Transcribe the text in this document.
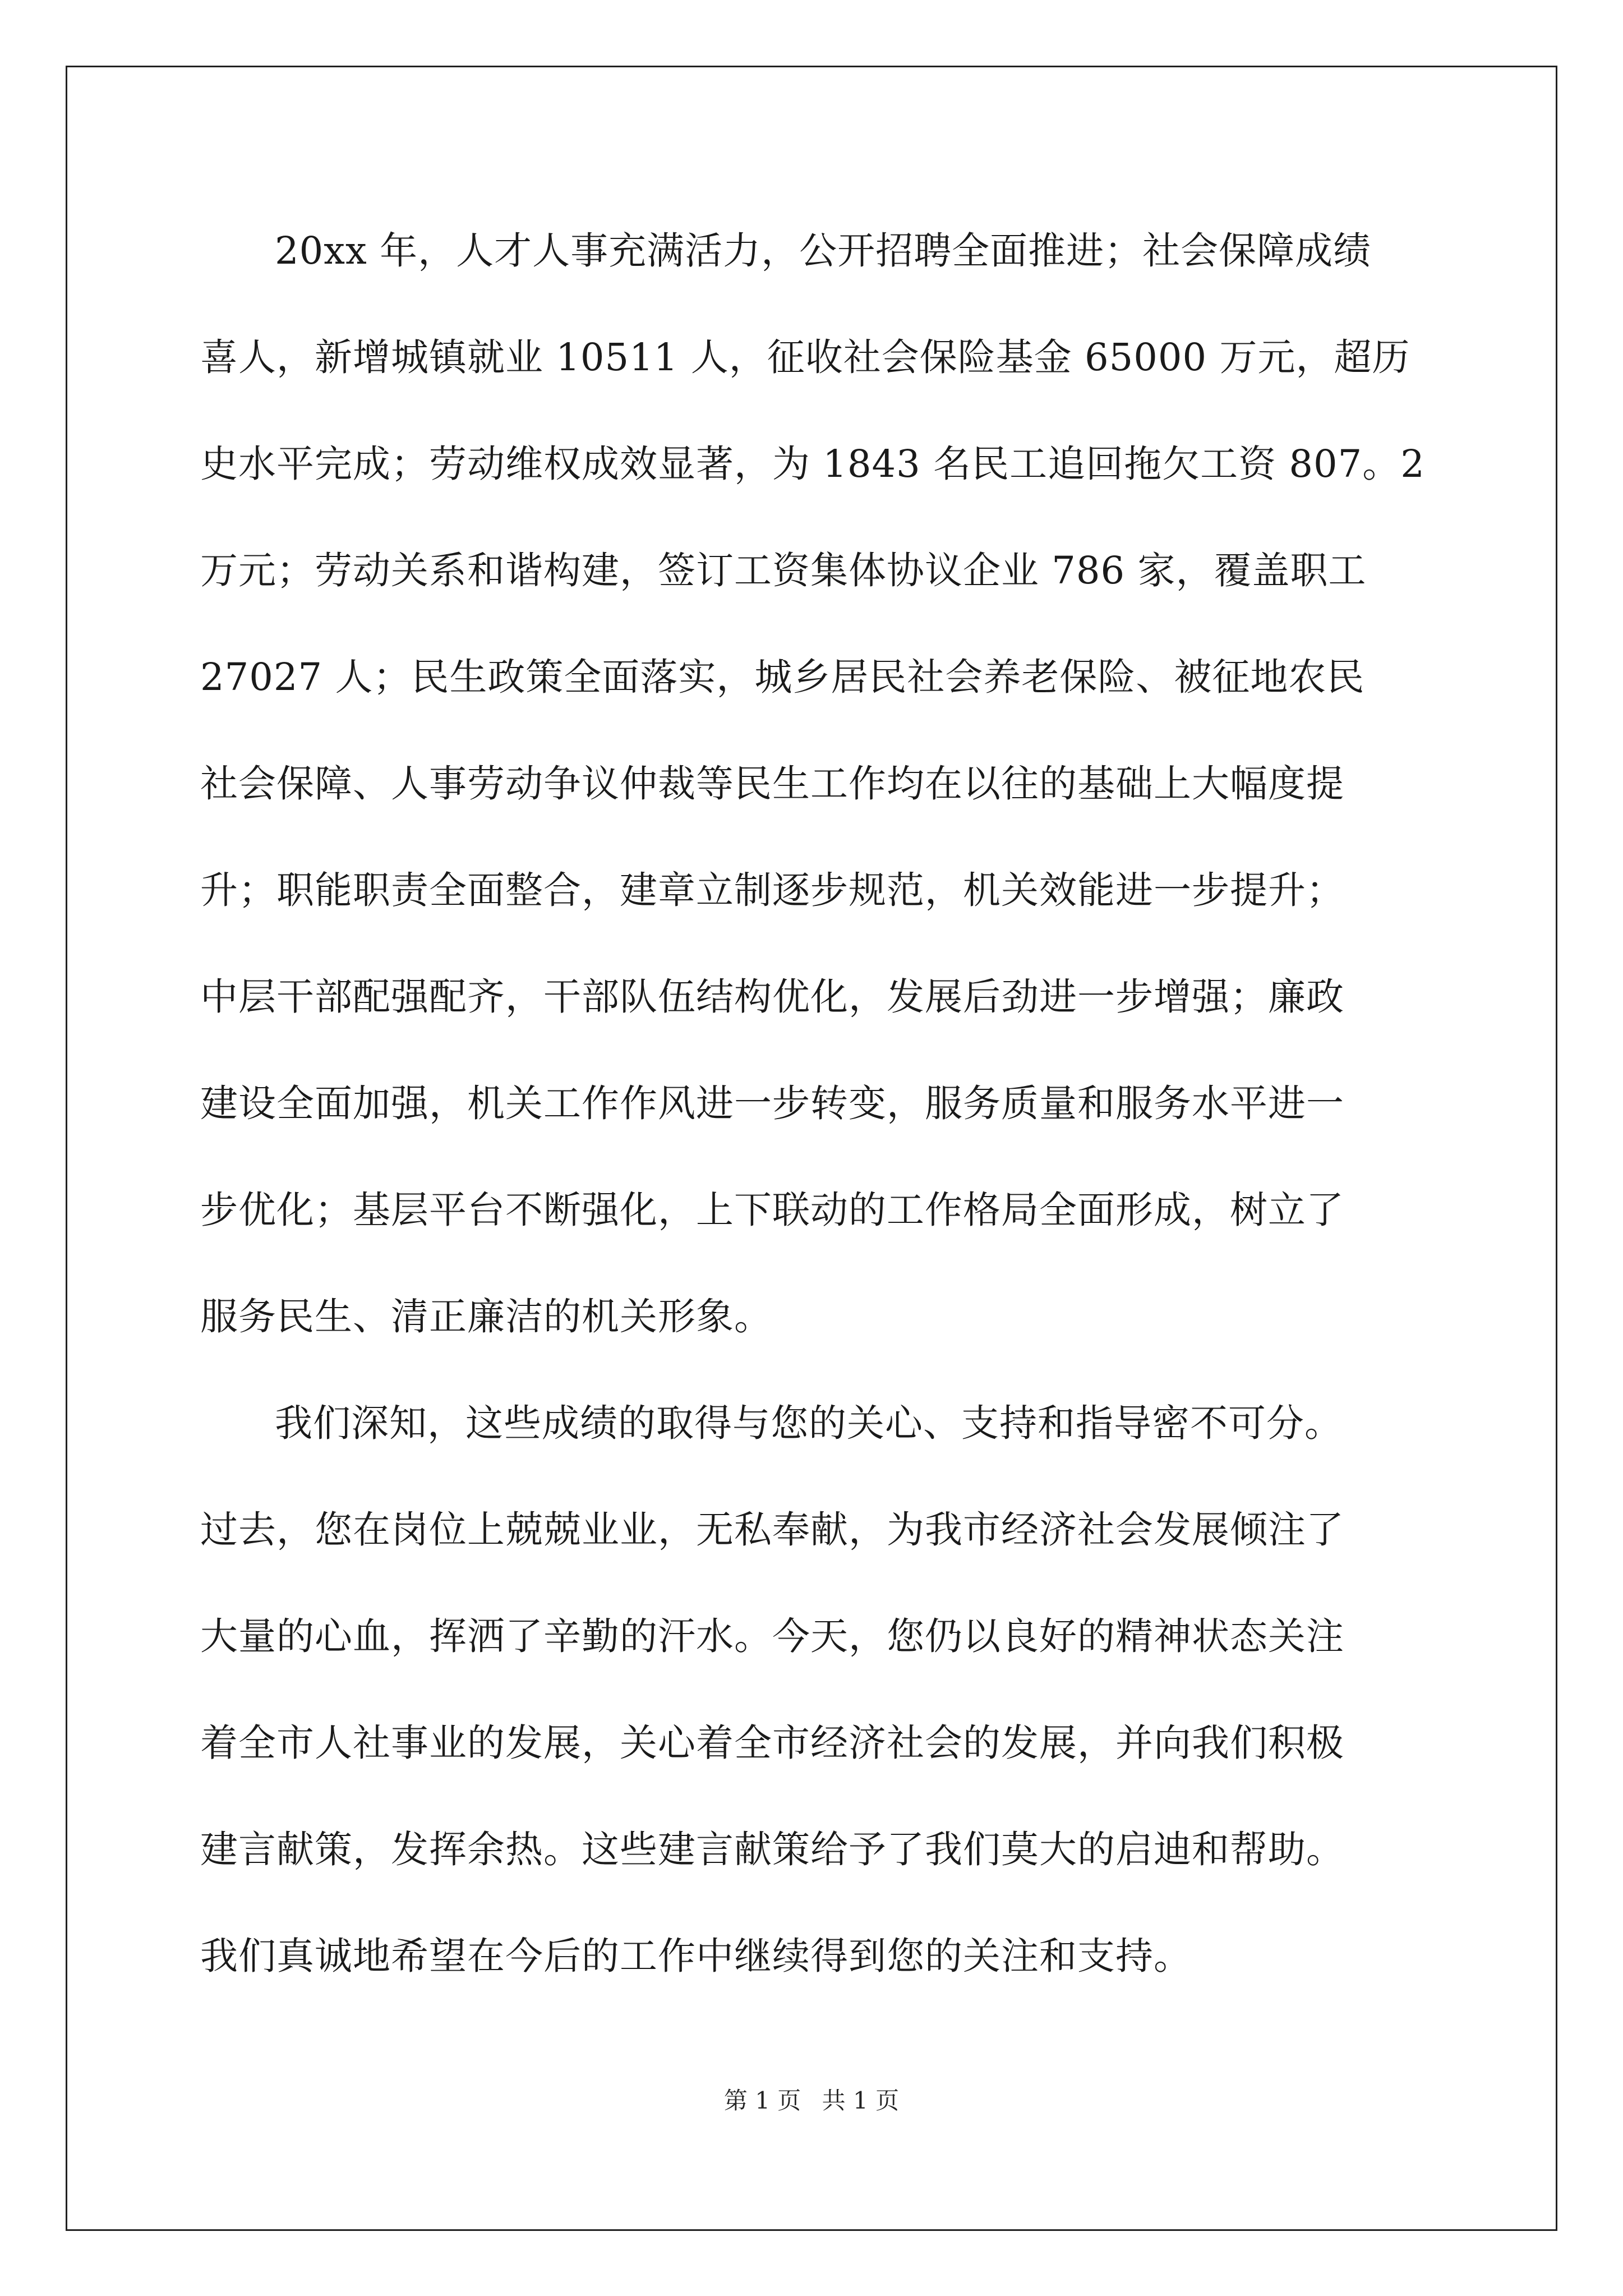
20xx 年，人才人事充满活力，公开招聘全面推进；社会保障成绩

喜人，新增城镇就业 10511 人，征收社会保险基金 65000 万元，超历

史水平完成；劳动维权成效显著，为 1843 名民工追回拖欠工资 807。2

万元；劳动关系和谐构建，签订工资集体协议企业 786 家，覆盖职工

27027 人；民生政策全面落实，城乡居民社会养老保险、被征地农民

社会保障、人事劳动争议仲裁等民生工作均在以往的基础上大幅度提

升；职能职责全面整合，建章立制逐步规范，机关效能进一步提升；

中层干部配强配齐，干部队伍结构优化，发展后劲进一步增强；廉政

建设全面加强，机关工作作风进一步转变，服务质量和服务水平进一

步优化；基层平台不断强化，上下联动的工作格局全面形成，树立了

服务民生、清正廉洁的机关形象。

我们深知，这些成绩的取得与您的关心、支持和指导密不可分。

过去，您在岗位上兢兢业业，无私奉献，为我市经济社会发展倾注了

大量的心血，挥洒了辛勤的汗水。今天，您仍以良好的精神状态关注

着全市人社事业的发展，关心着全市经济社会的发展，并向我们积极

建言献策，发挥余热。这些建言献策给予了我们莫大的启迪和帮助。

我们真诚地希望在今后的工作中继续得到您的关注和支持。

第 1 页 共 1 页
